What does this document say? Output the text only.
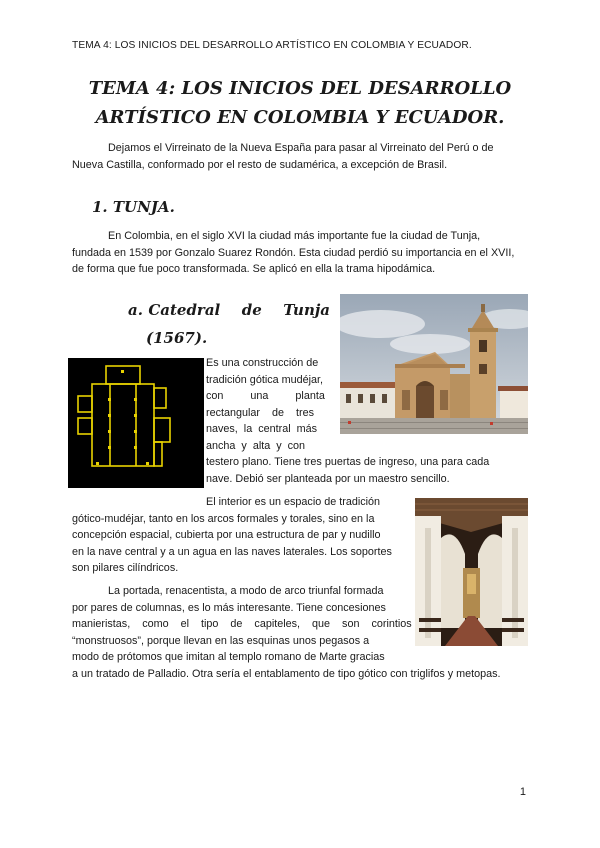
TEMA 4: LOS INICIOS DEL DESARROLLO ARTÍSTICO EN COLOMBIA Y ECUADOR.
TEMA 4: LOS INICIOS DEL DESARROLLO
ARTÍSTICO EN COLOMBIA Y ECUADOR.

Dejamos el Virreinato de la Nueva España para pasar al Virreinato del Perú o de
Nueva Castilla, conformado por el resto de sudamérica, a excepción de Brasil.

1. TUNJA.

En Colombia, en el siglo XVI la ciudad más importante fue la ciudad de Tunja,
fundada en 1539 por Gonzalo Suarez Rondón. Esta ciudad perdió su importancia en el XVII,
de forma que fue poco transformada. Se aplicó en ella la trama hipodámica.

a. Catedral    de    Tunja
(1567).

Es una construcción de
tradición gótica mudéjar,
con         una         planta
rectangular    de    tres
naves,  la  central  más
ancha  y  alta  y  con

testero plano. Tiene tres puertas de ingreso, una para cada
nave. Debió ser planteada por un maestro sencillo.

El interior es un espacio de tradición
gótico-mudéjar, tanto en los arcos formales y torales, sino en la
concepción espacial, cubierta por una estructura de par y nudillo
en la nave central y a un agua en las naves laterales. Los soportes
son pilares cilíndricos.

La portada, renacentista, a modo de arco triunfal formada
por pares de columnas, es lo más interesante. Tiene concesiones
manieristas,    como    el    tipo    de    capiteles,    que    son    corintios
“monstruosos”, porque llevan en las esquinas unos pegasos a
modo de prótomos que imitan al templo romano de Marte gracias

a un tratado de Palladio. Otra sería el entablamento de tipo gótico con triglifos y metopas.

1
